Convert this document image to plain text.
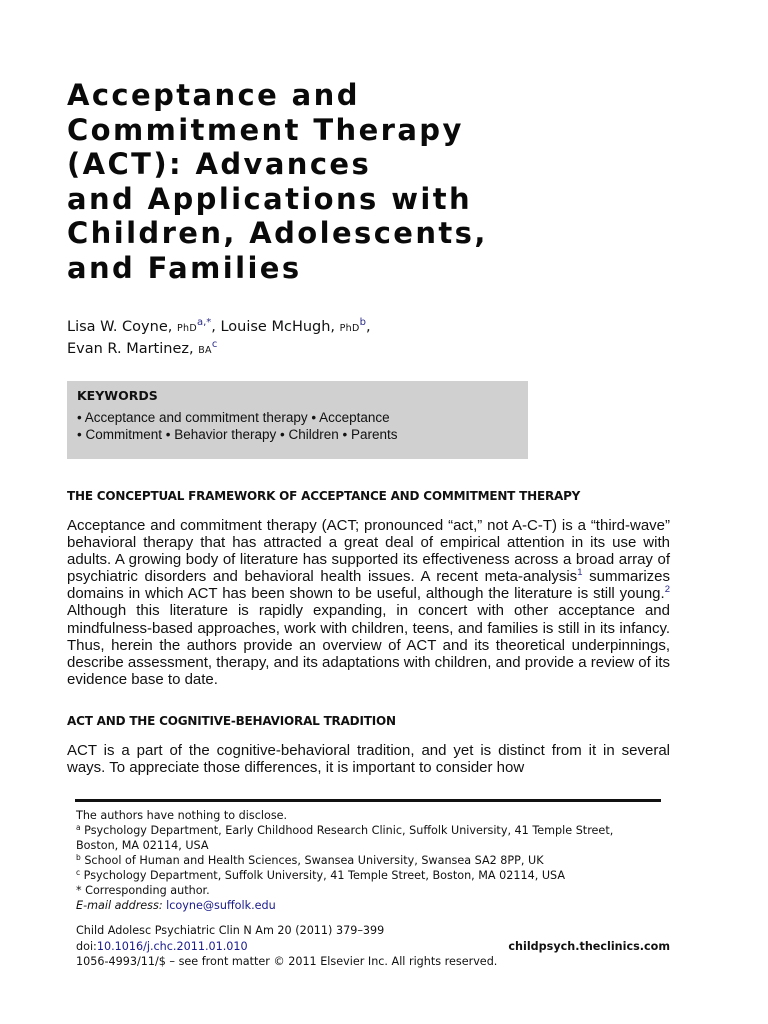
Acceptance and
Commitment Therapy
(ACT): Advances
and Applications with
Children, Adolescents,
and Families
Lisa W. Coyne, PhD$^{a,*}$, Louise McHugh, PhD$^b$,
Evan R. Martinez, $BA^c$
KEYWORDS
• Acceptance and commitment therapy • Acceptance
• Commitment • Behavior therapy • Children • Parents
THE CONCEPTUAL FRAMEWORK OF ACCEPTANCE AND COMMITMENT THERAPY
Acceptance and commitment therapy (ACT; pronounced “act,” not A-C-T) is a “third-wave” behavioral therapy that has attracted a great deal of empirical attention in its use with adults. A growing body of literature has supported its effectiveness across a broad array of psychiatric disorders and behavioral health issues. A recent meta-analysis$^1$ summarizes domains in which ACT has been shown to be useful, although the literature is still young.$^2$ Although this literature is rapidly expanding, in concert with other acceptance and mindfulness-based approaches, work with children, teens, and families is still in its infancy. Thus, herein the authors provide an overview of ACT and its theoretical underpinnings, describe assessment, therapy, and its adaptations with children, and provide a review of its evidence base to date.
ACT AND THE COGNITIVE-BEHAVIORAL TRADITION
ACT is a part of the cognitive-behavioral tradition, and yet is distinct from it in several ways. To appreciate those differences, it is important to consider how
The authors have nothing to disclose.
$^a$ Psychology Department, Early Childhood Research Clinic, Suffolk University, 41 Temple Street,
Boston, MA 02114, USA
$^b$ School of Human and Health Sciences, Swansea University, Swansea SA2 8PP, UK
$^c$ Psychology Department, Suffolk University, 41 Temple Street, Boston, MA 02114, USA
* Corresponding author.
E-mail address: lcoyne@suffolk.edu
Child Adolesc Psychiatric Clin N Am 20 (2011) 379–399
doi:10.1016/j.chc.2011.01.010	childpsych.theclinics.com
1056-4993/11/$ – see front matter © 2011 Elsevier Inc. All rights reserved.
